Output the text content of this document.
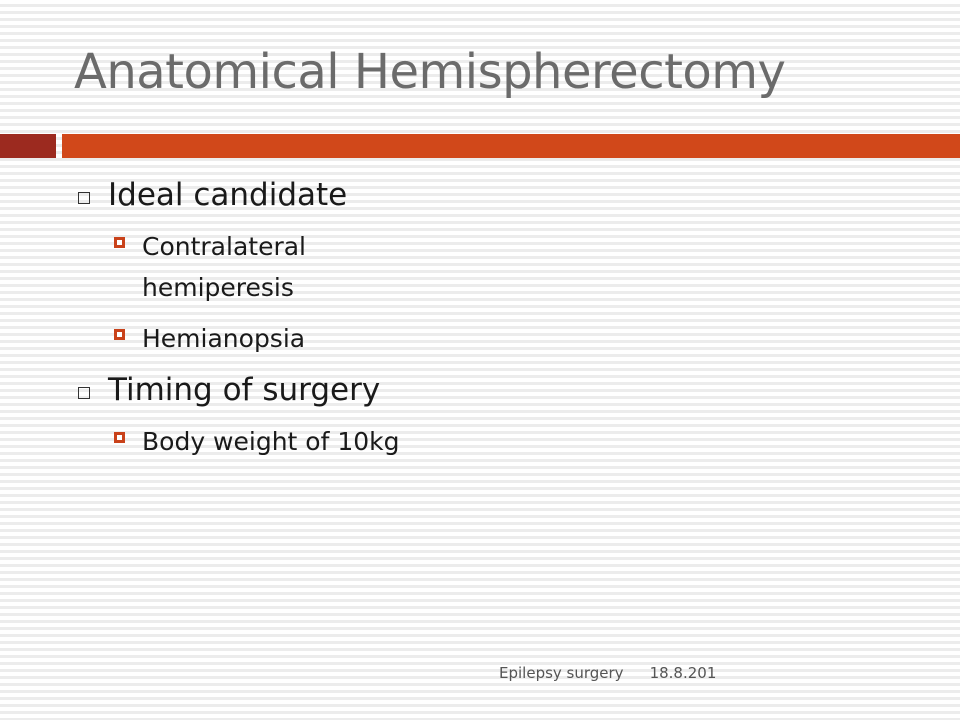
Anatomical Hemispherectomy
Ideal candidate
Contralateral hemiperesis
Hemianopsia
Timing of surgery
Body weight of 10kg
Epilepsy surgery 18.8.201
